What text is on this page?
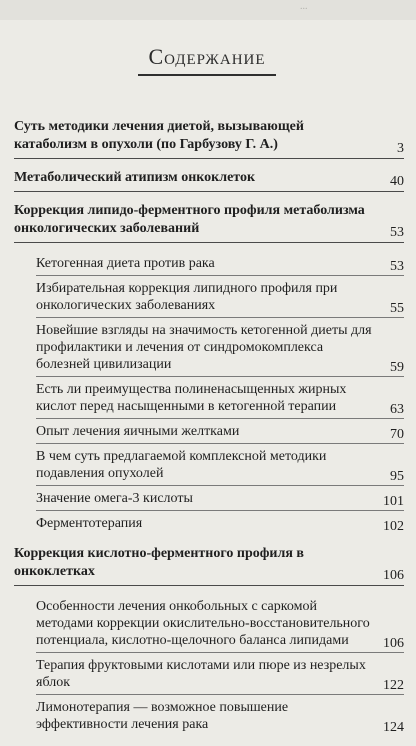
...
Содержание
Суть методики лечения диетой, вызывающей катаболизм в опухоли (по Гарбузову Г. А.)	3
Метаболический атипизм онкоклеток	40
Коррекция липидо-ферментного профиля метаболизма онкологических заболеваний	53
Кетогенная диета против рака	53
Избирательная коррекция липидного профиля при онкологических заболеваниях	55
Новейшие взгляды на значимость кетогенной диеты для профилактики и лечения от синдромокомплекса болезней цивилизации	59
Есть ли преимущества полиненасыщенных жирных кислот перед насыщенными в кетогенной терапии	63
Опыт лечения яичными желтками	70
В чем суть предлагаемой комплексной методики подавления опухолей	95
Значение омега-3 кислоты	101
Ферментотерапия	102
Коррекция кислотно-ферментного профиля в онкоклетках	106
Особенности лечения онкобольных с саркомой методами коррекции окислительно-восстановительного потенциала, кислотно-щелочного баланса липидами 106
Терапия фруктовыми кислотами или пюре из незрелых яблок	122
Лимонотерапия — возможное повышение эффективности лечения рака	124
